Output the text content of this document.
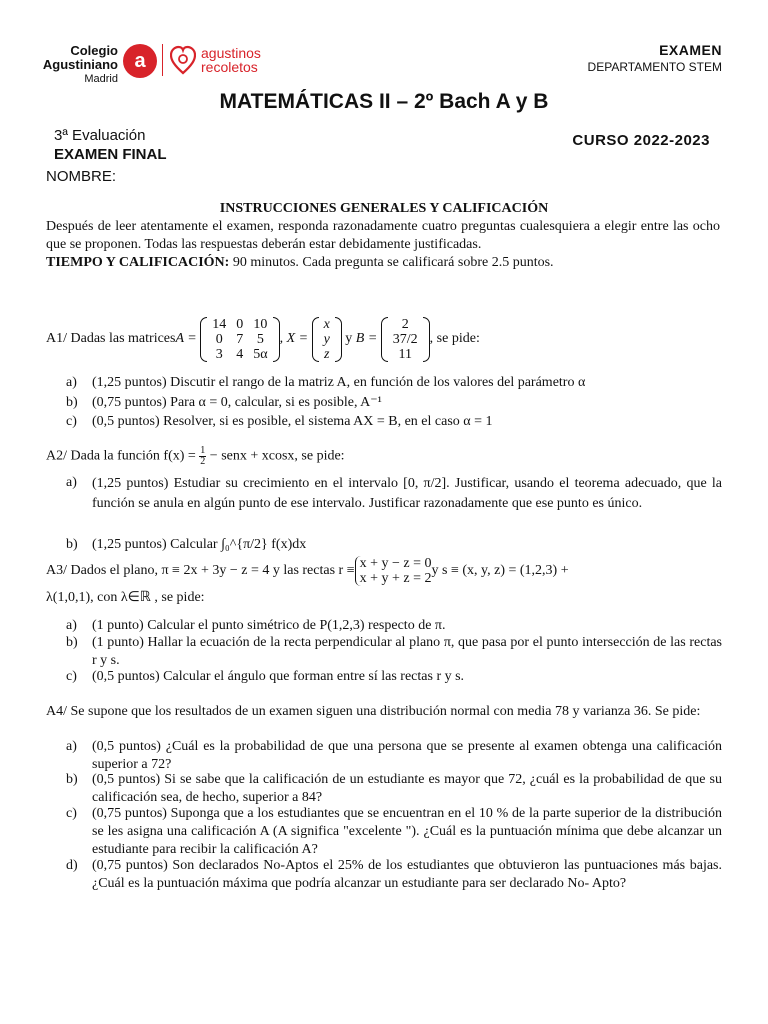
Colegio
Agustiniano
Madrid
a	agustinos
recoletos
EXAMEN
DEPARTAMENTO STEM
MATEMÁTICAS II – 2º Bach A y B
3ª Evaluación
EXAMEN FINAL
CURSO 2022-2023
NOMBRE:
INSTRUCCIONES GENERALES Y CALIFICACIÓN
Después de leer atentamente el examen, responda razonadamente cuatro preguntas cualesquiera a elegir entre las ocho que se proponen. Todas las respuestas deberán estar debidamente justificadas.
TIEMPO Y CALIFICACIÓN: 90 minutos. Cada pregunta se calificará sobre 2.5 puntos.
A1/ Dadas las matrices A =
14	0	10
0	7	5
3	4	5α
, X =
x
y
z
y B =
2
37/2
11
, se pide:
a)	(1,25 puntos) Discutir el rango de la matriz A, en función de los valores del parámetro α
b)	(0,75 puntos) Para α = 0, calcular, si es posible, A⁻¹
c)	(0,5 puntos) Resolver, si es posible, el sistema AX = B, en el caso α = 1
A2/ Dada la función $f(x) = \frac{1}{2}$ − senx + xcosx, se pide:
a)	(1,25 puntos) Estudiar su crecimiento en el intervalo [0, π/2]. Justificar, usando el teorema adecuado, que la función se anula en algún punto de ese intervalo. Justificar razonadamente que ese punto es único.
b)	(1,25 puntos) Calcular ∫₀^{π/2} f(x)dx
A3/ Dados el plano, π ≡ 2x + 3y − z = 4 y las rectas r ≡ x + y − z = 0
x + y + z = 2
y s ≡ (x, y, z) = (1,2,3) +
λ(1,0,1), con λ∈ℝ , se pide:
a)	(1 punto) Calcular el punto simétrico de P(1,2,3) respecto de π.
b)	(1 punto) Hallar la ecuación de la recta perpendicular al plano π, que pasa por el punto intersección de las rectas r y s.
c)	(0,5 puntos) Calcular el ángulo que forman entre sí las rectas r y s.
A4/ Se supone que los resultados de un examen siguen una distribución normal con media 78 y varianza 36. Se pide:
a)	(0,5 puntos) ¿Cuál es la probabilidad de que una persona que se presente al examen obtenga una calificación superior a 72?
b)	(0,5 puntos) Si se sabe que la calificación de un estudiante es mayor que 72, ¿cuál es la probabilidad de que su calificación sea, de hecho, superior a 84?
c)	(0,75 puntos) Suponga que a los estudiantes que se encuentran en el 10 % de la parte superior de la distribución se les asigna una calificación A (A significa "excelente "). ¿Cuál es la puntuación mínima que debe alcanzar un estudiante para recibir la calificación A?
d)	(0,75 puntos) Son declarados No-Aptos el 25% de los estudiantes que obtuvieron las puntuaciones más bajas. ¿Cuál es la puntuación máxima que podría alcanzar un estudiante para ser declarado No- Apto?
